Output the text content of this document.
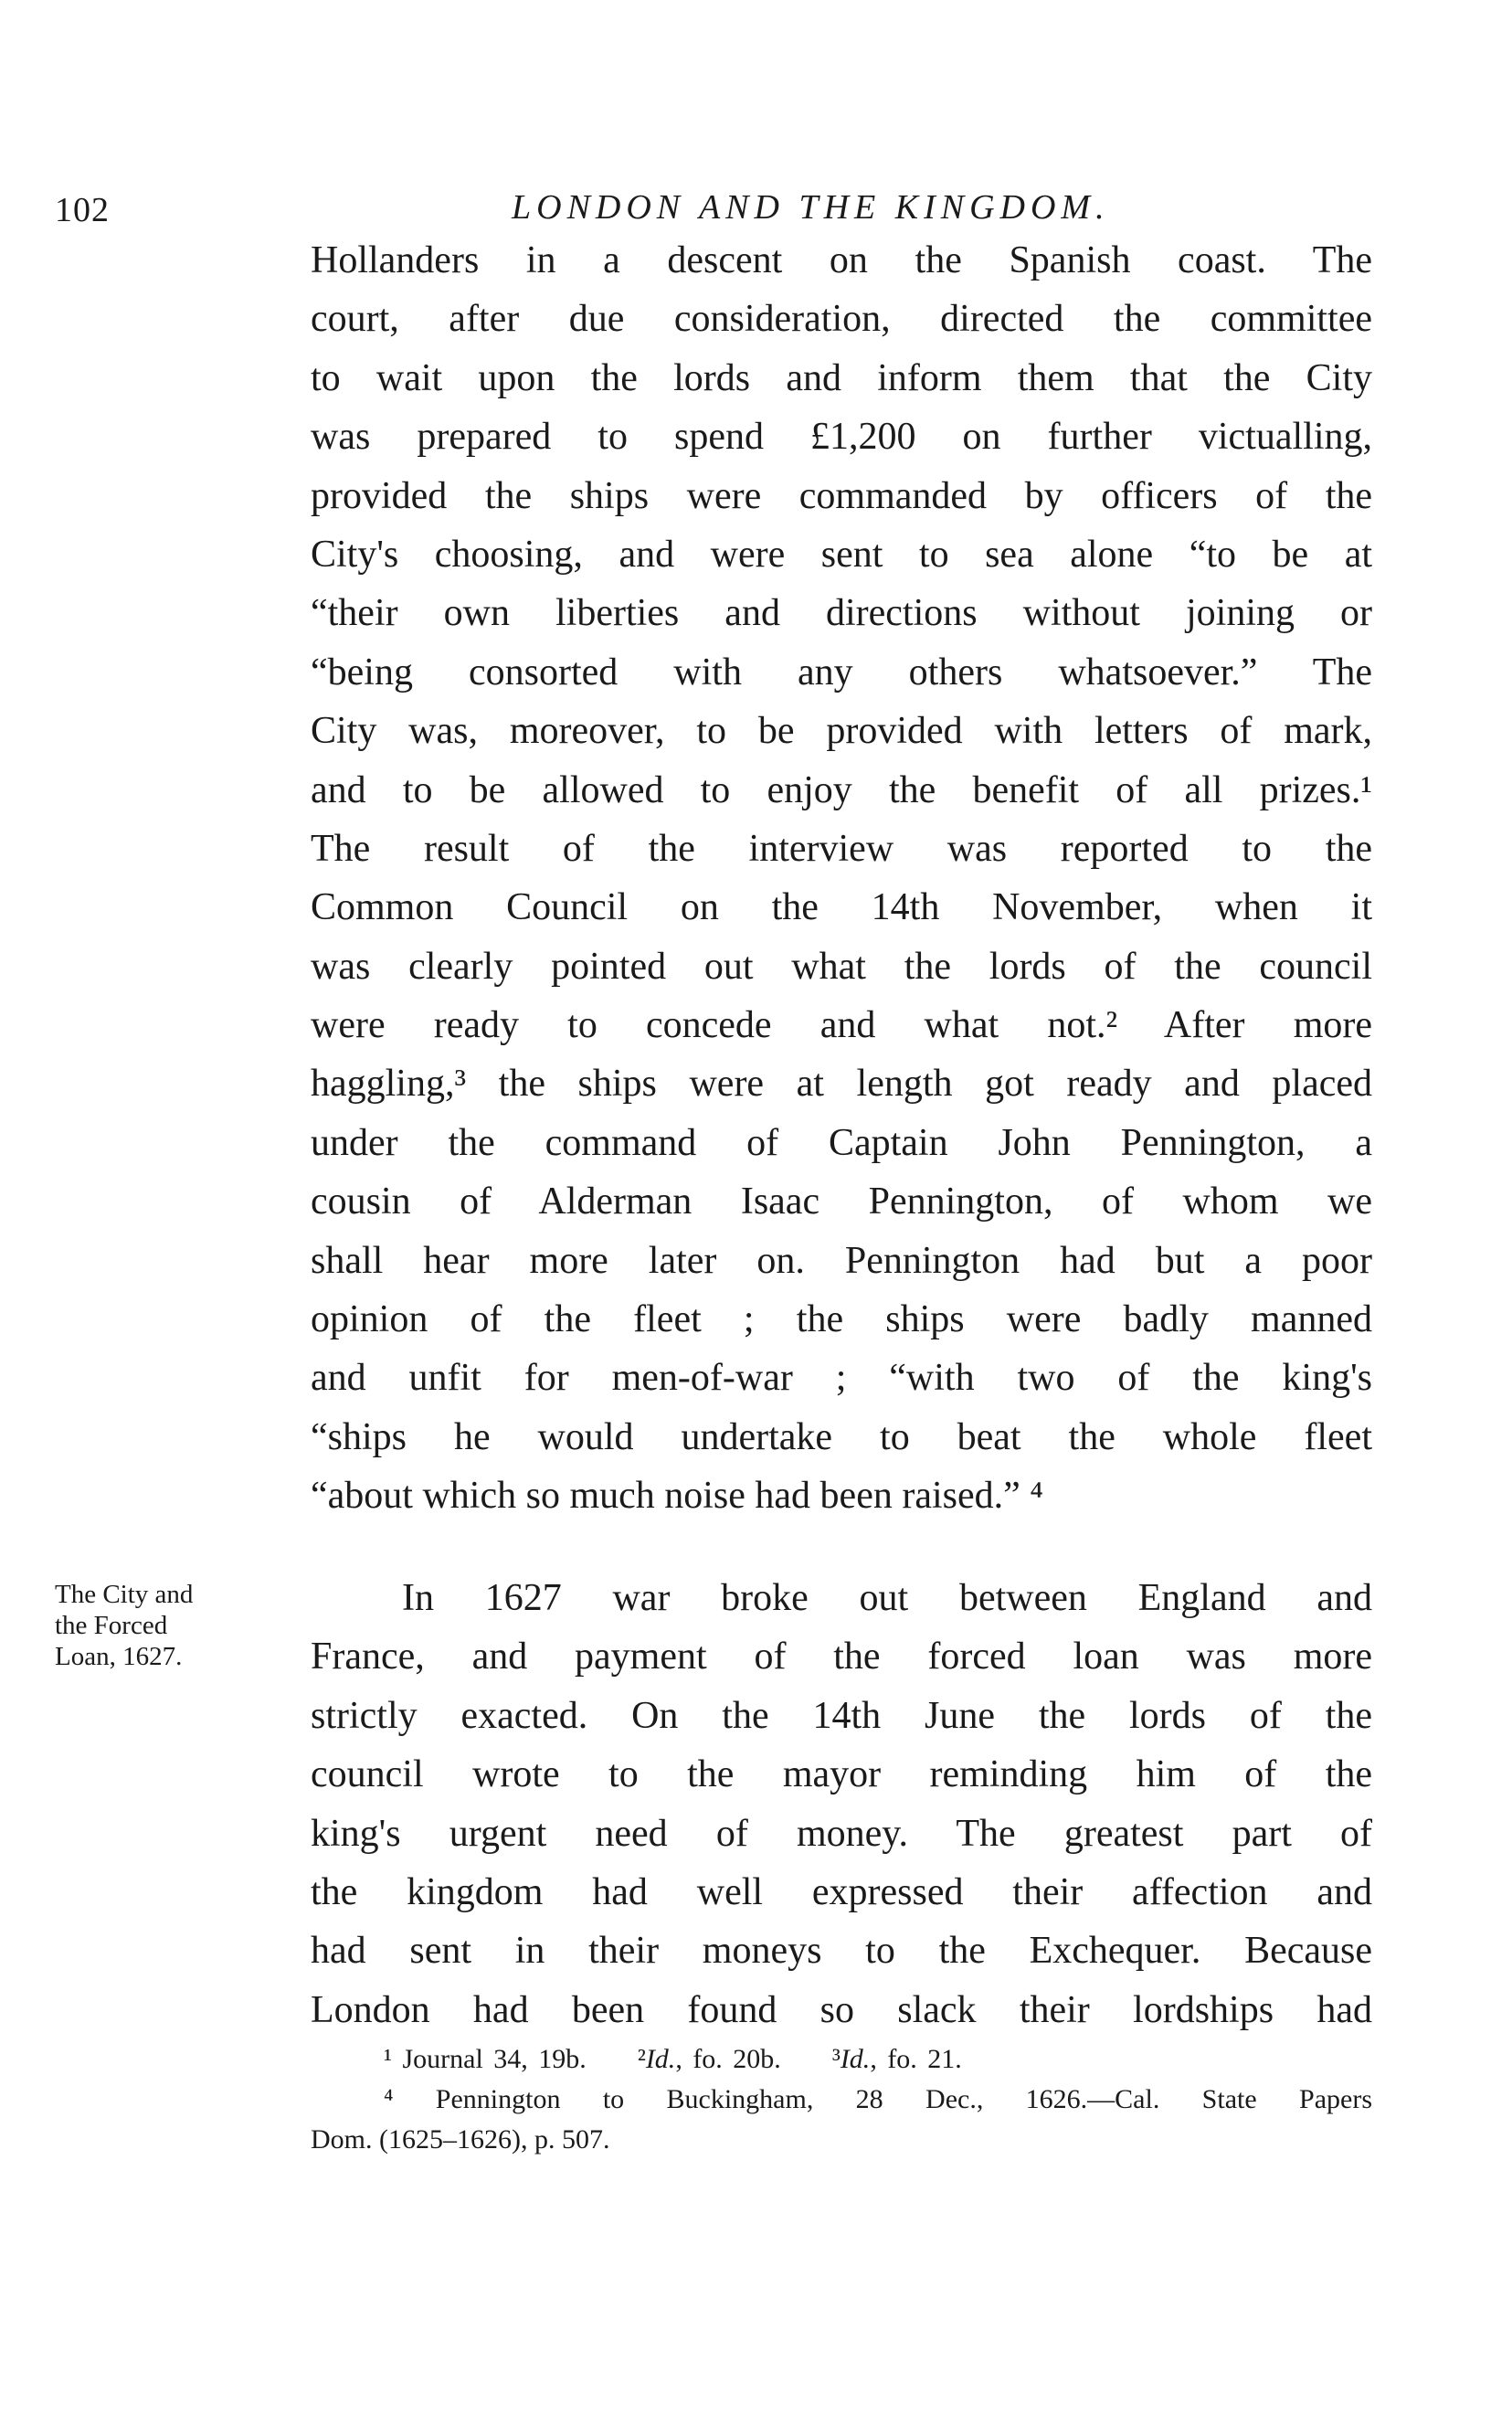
102	LONDON AND THE KINGDOM.
Hollanders in a descent on the Spanish coast. The
court, after due consideration, directed the committee
to wait upon the lords and inform them that the City
was prepared to spend £1,200 on further victualling,
provided the ships were commanded by officers of the
City's choosing, and were sent to sea alone “to be at
“their own liberties and directions without joining or
“being consorted with any others whatsoever.” The
City was, moreover, to be provided with letters of mark,
and to be allowed to enjoy the benefit of all prizes.¹
The result of the interview was reported to the
Common Council on the 14th November, when it
was clearly pointed out what the lords of the council
were ready to concede and what not.² After more
haggling,³ the ships were at length got ready and placed
under the command of Captain John Pennington, a
cousin of Alderman Isaac Pennington, of whom we
shall hear more later on. Pennington had but a poor
opinion of the fleet ; the ships were badly manned
and unfit for men-of-war ; “with two of the king's
“ships he would undertake to beat the whole fleet
“about which so much noise had been raised.” ⁴
The City and
the Forced
Loan, 1627.
In 1627 war broke out between England and
France, and payment of the forced loan was more
strictly exacted. On the 14th June the lords of the
council wrote to the mayor reminding him of the
king's urgent need of money. The greatest part of
the kingdom had well expressed their affection and
had sent in their moneys to the Exchequer. Because
London had been found so slack their lordships had
¹ Journal 34, 19b. ²Id., fo. 20b. ³Id., fo. 21.
⁴ Pennington to Buckingham, 28 Dec., 1626.—Cal. State Papers
Dom. (1625–1626), p. 507.
